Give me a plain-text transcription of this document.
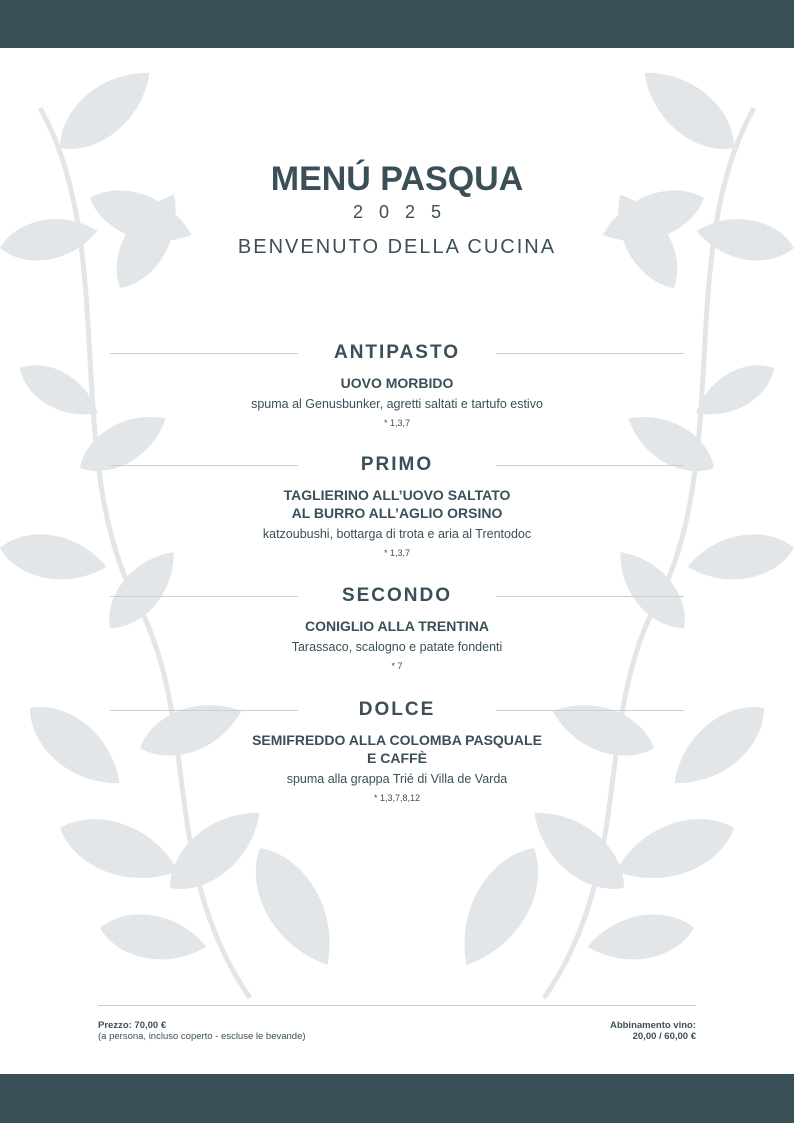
MENÚ PASQUA
2025
BENVENUTO DELLA CUCINA
ANTIPASTO
UOVO MORBIDO
spuma al Genusbunker, agretti saltati e tartufo estivo
* 1,3,7
PRIMO
TAGLIERINO ALL’UOVO SALTATO
AL BURRO ALL’AGLIO ORSINO
katzoubushi, bottarga di trota e aria al Trentodoc
* 1,3,7
SECONDO
CONIGLIO ALLA TRENTINA
Tarassaco, scalogno e patate fondenti
* 7
DOLCE
SEMIFREDDO ALLA COLOMBA PASQUALE
E CAFFÈ
spuma alla grappa Trié di Villa de Varda
* 1,3,7,8,12
Prezzo: 70,00 €
(a persona, incluso coperto - escluse le bevande)
Abbinamento vino:
20,00 / 60,00 €
